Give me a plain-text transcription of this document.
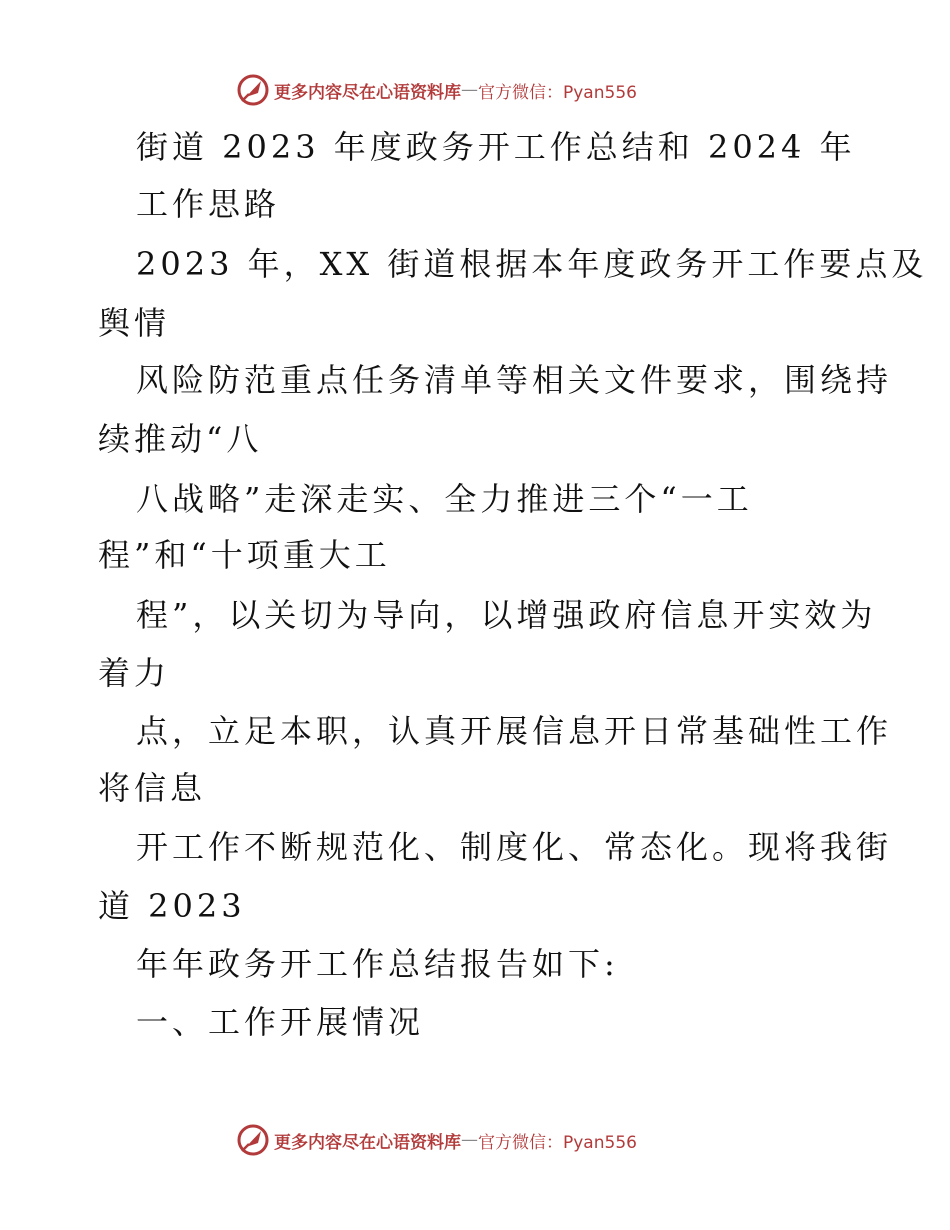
更多内容尽在心语资料库 — 官方微信：Pyan556
街道 2023 年度政务开工作总结和 2024 年
工作思路
2023 年，XX 街道根据本年度政务开工作要点及
舆情
风险防范重点任务清单等相关文件要求，围绕持
续推动“八
八战略”走深走实、全力推进三个“一工
程”和“十项重大工
程”，以关切为导向，以增强政府信息开实效为
着力
点，立足本职，认真开展信息开日常基础性工作
将信息
开工作不断规范化、制度化、常态化。现将我街
道 2023
年年政务开工作总结报告如下:
一、工作开展情况
更多内容尽在心语资料库 — 官方微信：Pyan556
